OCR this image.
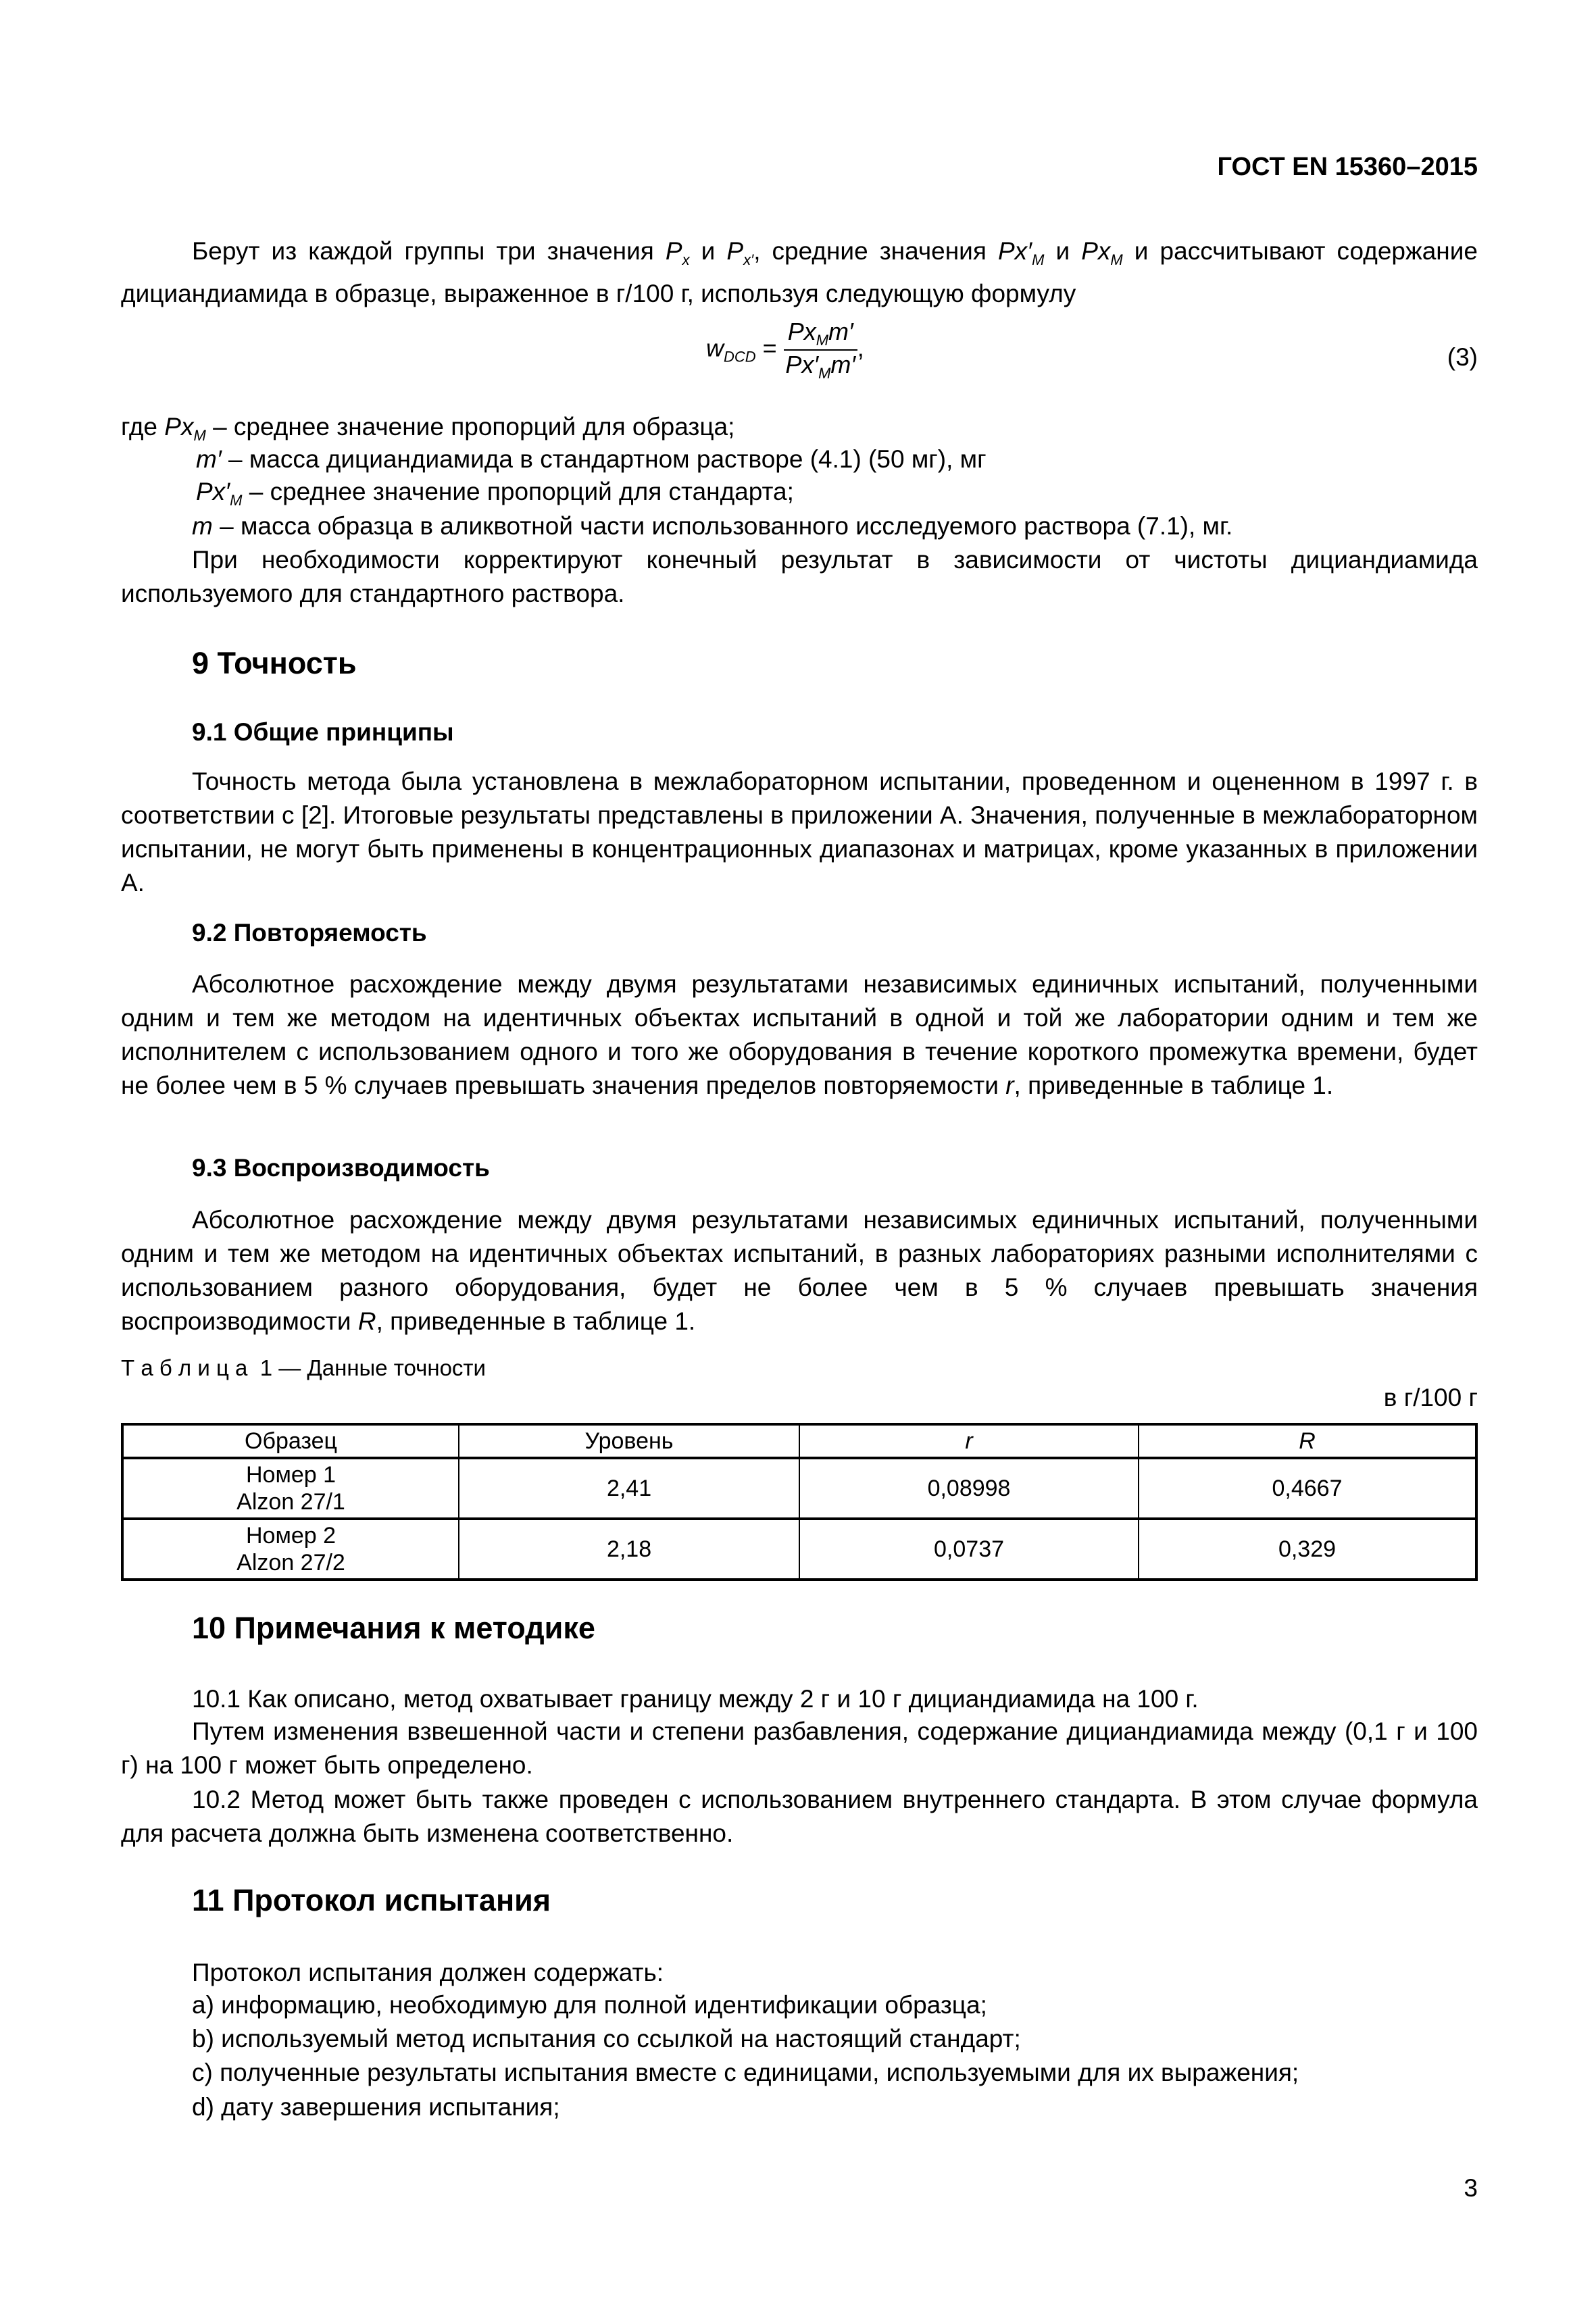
ГОСТ EN 15360–2015
Берут из каждой группы три значения $P_x$ и $P_{x'}$, средние значения $Px'_M$ и $Px_M$ и рассчитывают содержание дициандиамида в образце, выраженное в г/100 г, используя следующую формулу
$w_{DCD} = \frac{Px_Mm'}{Px'_Mm'}$ ,	(3)
где $Px_M$ – среднее значение пропорций для образца;
m′ – масса дициандиамида в стандартном растворе (4.1) (50 мг), мг
$Px'_M$ – среднее значение пропорций для стандарта;
m – масса образца в аликвотной части использованного исследуемого раствора (7.1), мг.
При необходимости корректируют конечный результат в зависимости от чистоты дициандиамида используемого для стандартного раствора.
9 Точность
9.1 Общие принципы
Точность метода была установлена в межлабораторном испытании, проведенном и оцененном в 1997 г. в соответствии с [2]. Итоговые результаты представлены в приложении А. Значения, полученные в межлабораторном испытании, не могут быть применены в концентрационных диапазонах и матрицах, кроме указанных в приложении А.
9.2 Повторяемость
Абсолютное расхождение между двумя результатами независимых единичных испытаний, полученными одним и тем же методом на идентичных объектах испытаний в одной и той же лаборатории одним и тем же исполнителем с использованием одного и того же оборудования в течение короткого промежутка времени, будет не более чем в 5 % случаев превышать значения пределов повторяемости r, приведенные в таблице 1.
9.3 Воспроизводимость
Абсолютное расхождение между двумя результатами независимых единичных испытаний, полученными одним и тем же методом на идентичных объектах испытаний, в разных лабораториях разными исполнителями с использованием разного оборудования, будет не более чем в 5 % случаев превышать значения воспроизводимости R, приведенные в таблице 1.
Т а б л и ц а  1 — Данные точности
в г/100 г
Образец	Уровень	r	R

Номер 1
Alzon 27/1	2,41	0,08998	0,4667

Номер 2
Alzon 27/2	2,18	0,0737	0,329
10 Примечания к методике
10.1 Как описано, метод охватывает границу между 2 г и 10 г дициандиамида на 100 г.
Путем изменения взвешенной части и степени разбавления, содержание дициандиамида между (0,1 г и 100 г) на 100 г может быть определено.
10.2 Метод может быть также проведен с использованием внутреннего стандарта. В этом случае формула для расчета должна быть изменена соответственно.
11 Протокол испытания
Протокол испытания должен содержать:
а) информацию, необходимую для полной идентификации образца;
b) используемый метод испытания со ссылкой на настоящий стандарт;
с) полученные результаты испытания вместе с единицами, используемыми для их выражения;
d) дату завершения испытания;
3
